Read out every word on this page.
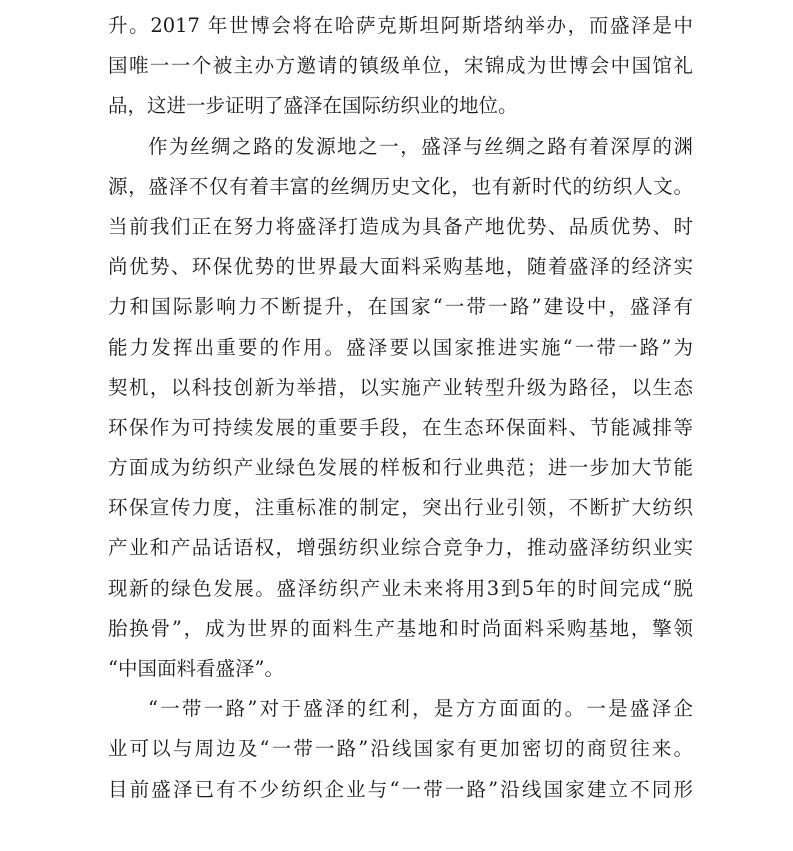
升。2017 年世博会将在哈萨克斯坦阿斯塔纳举办，而盛泽是中
国唯一一个被主办方邀请的镇级单位，宋锦成为世博会中国馆礼
品，这进一步证明了盛泽在国际纺织业的地位。
作为丝绸之路的发源地之一，盛泽与丝绸之路有着深厚的渊
源，盛泽不仅有着丰富的丝绸历史文化，也有新时代的纺织人文。
当前我们正在努力将盛泽打造成为具备产地优势、品质优势、时
尚优势、环保优势的世界最大面料采购基地，随着盛泽的经济实
力和国际影响力不断提升，在国家“一带一路”建设中，盛泽有
能力发挥出重要的作用。盛泽要以国家推进实施“一带一路”为
契机，以科技创新为举措，以实施产业转型升级为路径，以生态
环保作为可持续发展的重要手段，在生态环保面料、节能减排等
方面成为纺织产业绿色发展的样板和行业典范；进一步加大节能
环保宣传力度，注重标准的制定，突出行业引领，不断扩大纺织
产业和产品话语权，增强纺织业综合竞争力，推动盛泽纺织业实
现新的绿色发展。盛泽纺织产业未来将用3到5年的时间完成“脱
胎换骨”，成为世界的面料生产基地和时尚面料采购基地，擎领
“中国面料看盛泽”。
“一带一路”对于盛泽的红利，是方方面面的。一是盛泽企
业可以与周边及“一带一路”沿线国家有更加密切的商贸往来。
目前盛泽已有不少纺织企业与“一带一路”沿线国家建立不同形
